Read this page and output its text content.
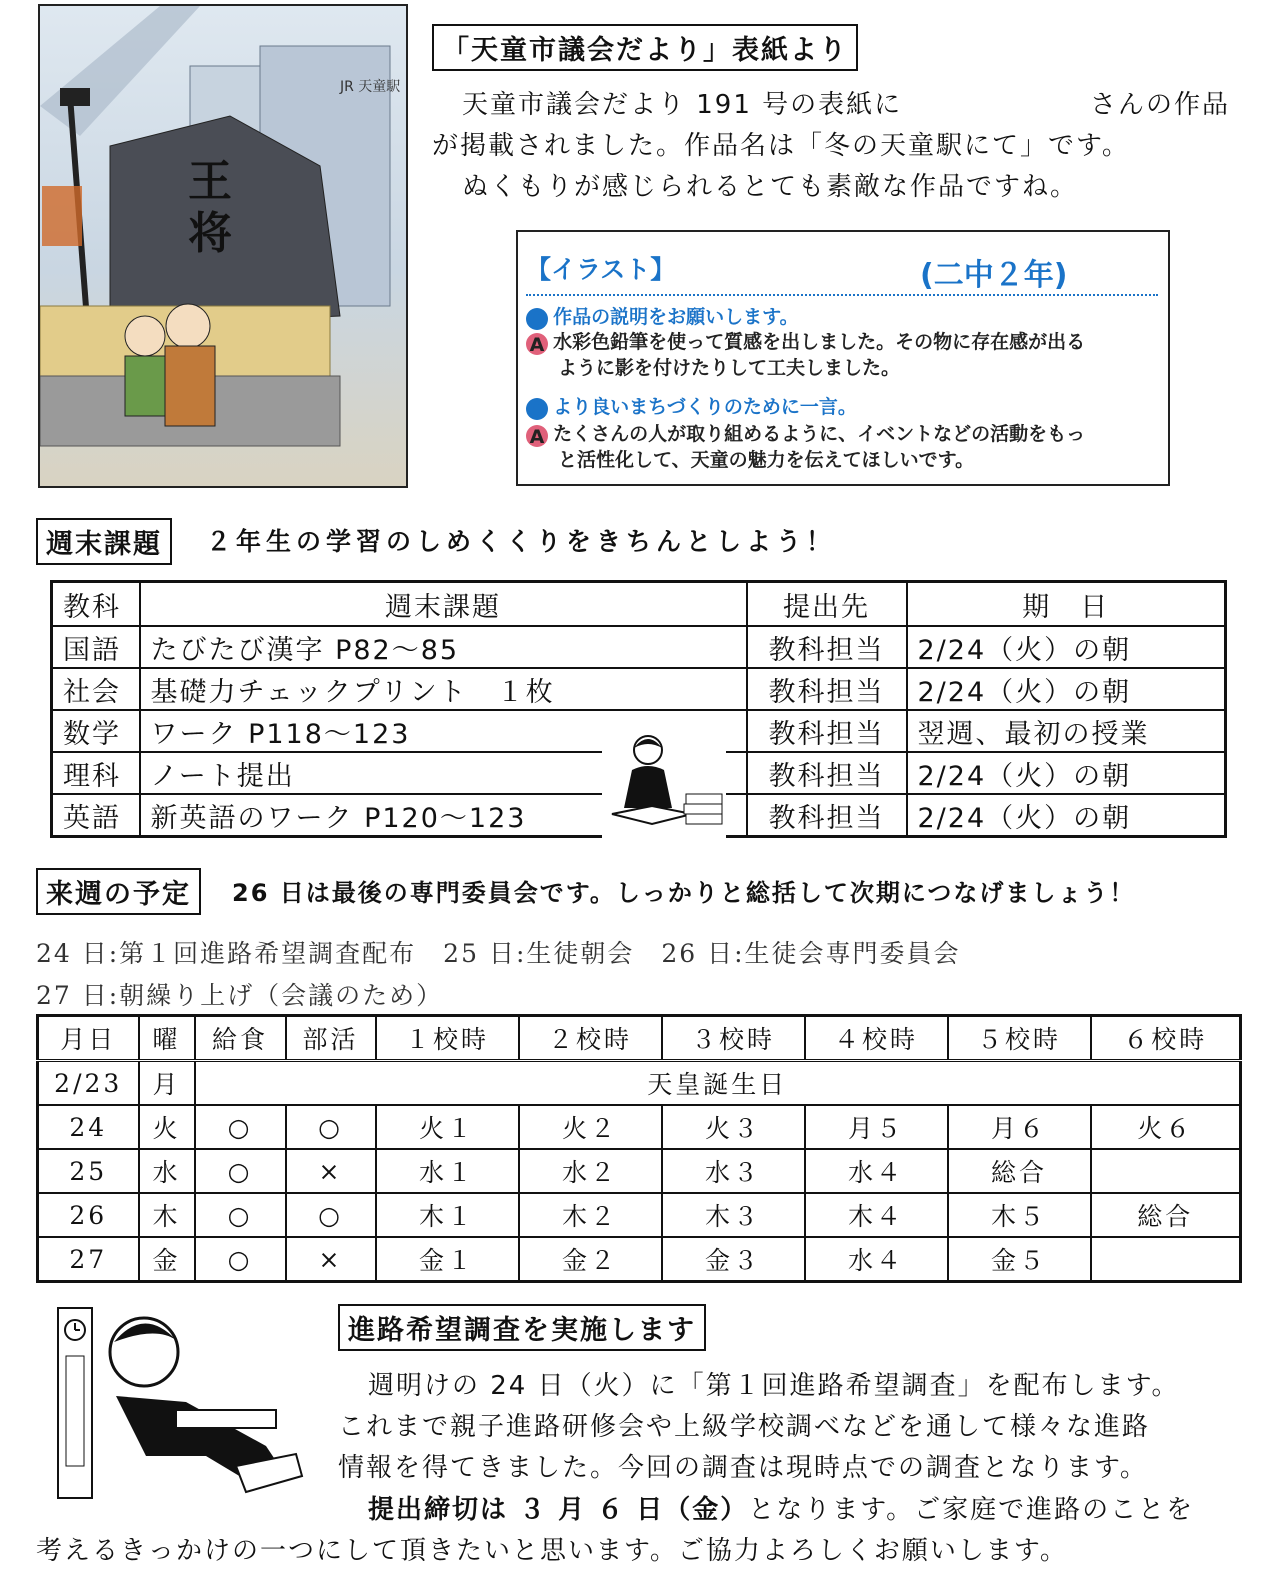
JR 天童駅
王将
「天童市議会だより」表紙より
天童市議会だより 191 号の表紙に	さんの作品
が掲載されました。作品名は「冬の天童駅にて」です。
ぬくもりが感じられるとても素敵な作品ですね。
【イラスト】	(二中２年)
Q 作品の説明をお願いします。
A 水彩色鉛筆を使って質感を出しました。その物に存在感が出る
ように影を付けたりして工夫しました。
Q より良いまちづくりのために一言。
A たくさんの人が取り組めるように、イベントなどの活動をもっ
と活性化して、天童の魅力を伝えてほしいです。
週末課題	２年生の学習のしめくくりをきちんとしよう！
教科	週末課題	提出先	期　日
国語	たびたび漢字 P82〜85	教科担当	2/24（火）の朝
社会	基礎力チェックプリント　１枚	教科担当	2/24（火）の朝
数学	ワーク P118〜123	教科担当	翌週、最初の授業
理科	ノート提出	教科担当	2/24（火）の朝
英語	新英語のワーク P120〜123	教科担当	2/24（火）の朝
来週の予定	26 日は最後の専門委員会です。しっかりと総括して次期につなげましょう！
24 日:第１回進路希望調査配布　25 日:生徒朝会　26 日:生徒会専門委員会
27 日:朝繰り上げ（会議のため）
月日	曜	給食	部活	１校時	２校時	３校時	４校時	５校時	６校時
2/23	月	天皇誕生日							
24	火	○	○	火１	火２	火３	月５	月６	火６
25	水	○	×	水１	水２	水３	水４	総合	
26	木	○	○	木１	木２	木３	木４	木５	総合
27	金	○	×	金１	金２	金３	水４	金５	
進路希望調査を実施します
週明けの 24 日（火）に「第１回進路希望調査」を配布します。
これまで親子進路研修会や上級学校調べなどを通して様々な進路
情報を得てきました。今回の調査は現時点での調査となります。
提出締切は ３ 月 ６ 日（金）となります。ご家庭で進路のことを
考えるきっかけの一つにして頂きたいと思います。ご協力よろしくお願いします。
